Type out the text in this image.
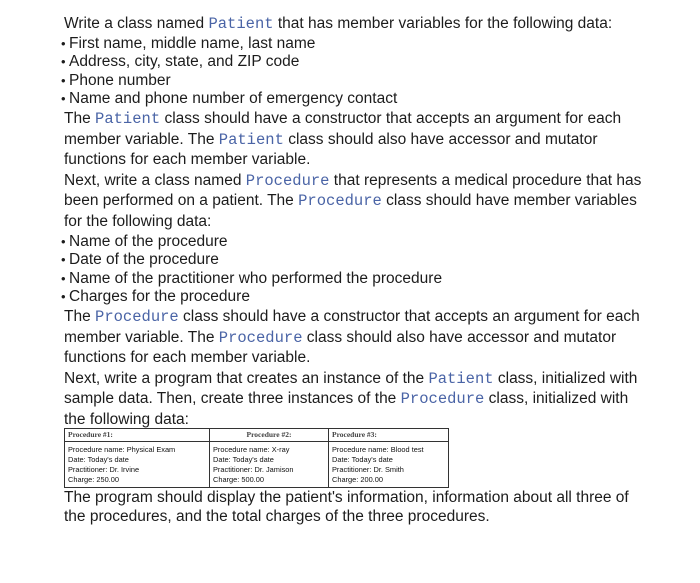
Write a class named Patient that has member variables for the following data:

• First name, middle name, last name
• Address, city, state, and ZIP code
• Phone number
• Name and phone number of emergency contact

The Patient class should have a constructor that accepts an argument for each member variable. The Patient class should also have accessor and mutator functions for each member variable.

Next, write a class named Procedure that represents a medical procedure that has been performed on a patient. The Procedure class should have member variables for the following data:

• Name of the procedure
• Date of the procedure
• Name of the practitioner who performed the procedure
• Charges for the procedure

The Procedure class should have a constructor that accepts an argument for each member variable. The Procedure class should also have accessor and mutator functions for each member variable.

Next, write a program that creates an instance of the Patient class, initialized with sample data. Then, create three instances of the Procedure class, initialized with the following data:

Procedure #1:
Procedure name: Physical Exam
Date: Today's date
Practitioner: Dr. Irvine
Charge: 250.00
Procedure #2:
Procedure name: X-ray
Date: Today's date
Practitioner: Dr. Jamison
Charge: 500.00
Procedure #3:
Procedure name: Blood test
Date: Today's date
Practitioner: Dr. Smith
Charge: 200.00

The program should display the patient's information, information about all three of the procedures, and the total charges of the three procedures.
